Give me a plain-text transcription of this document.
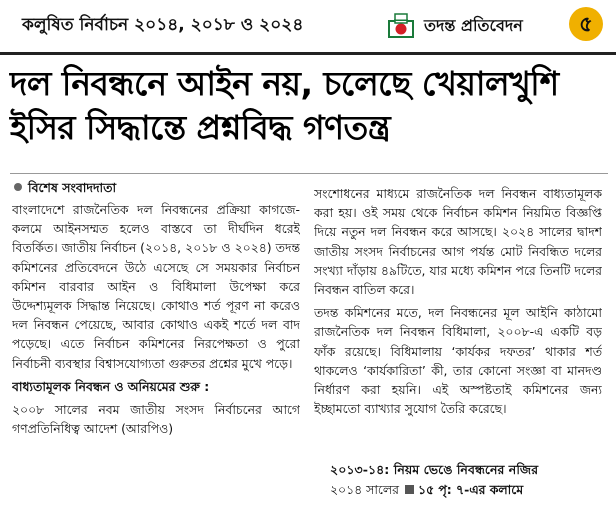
কলুষিত নির্বাচন ২০১৪, ২০১৮ ও ২০২৪	তদন্ত প্রতিবেদন	৫
দল নিবন্ধনে আইন নয়, চলেছে খেয়ালখুশি
ইসির সিদ্ধান্তে প্রশ্নবিদ্ধ গণতন্ত্র
বিশেষ সংবাদদাতা

বাংলাদেশে রাজনৈতিক দল নিবন্ধনের প্রক্রিয়া কাগজে-কলমে আইনসম্মত হলেও বাস্তবে তা দীর্ঘদিন ধরেই বিতর্কিত। জাতীয় নির্বাচন (২০১৪, ২০১৮ ও ২০২৪) তদন্ত কমিশনের প্রতিবেদনে উঠে এসেছে সে সময়কার নির্বাচন কমিশন বারবার আইন ও বিধিমালা উপেক্ষা করে উদ্দেশ্যমূলক সিদ্ধান্ত নিয়েছে। কোথাও শর্ত পূরণ না করেও দল নিবন্ধন পেয়েছে, আবার কোথাও একই শর্তে দল বাদ পড়েছে। এতে নির্বাচন কমিশনের নিরপেক্ষতা ও পুরো নির্বাচনী ব্যবস্থার বিশ্বাসযোগ্যতা গুরুতর প্রশ্নের মুখে পড়ে।

বাধ্যতামূলক নিবন্ধন ও অনিয়মের শুরু :

২০০৮ সালের নবম জাতীয় সংসদ নির্বাচনের আগে গণপ্রতিনিধিত্ব আদেশ (আরপিও)

সংশোধনের মাধ্যমে রাজনৈতিক দল নিবন্ধন বাধ্যতামূলক করা হয়। ওই সময় থেকে নির্বাচন কমিশন নিয়মিত বিজ্ঞপ্তি দিয়ে নতুন দল নিবন্ধন করে আসছে। ২০২৪ সালের দ্বাদশ জাতীয় সংসদ নির্বাচনের আগ পর্যন্ত মোট নিবন্ধিত দলের সংখ্যা দাঁড়ায় ৪৯টিতে, যার মধ্যে কমিশন পরে তিনটি দলের নিবন্ধন বাতিল করে।

তদন্ত কমিশনের মতে, দল নিবন্ধনের মূল আইনি কাঠামো রাজনৈতিক দল নিবন্ধন বিধিমালা, ২০০৮-এ একটি বড় ফাঁক রয়েছে। বিধিমালায় ‘কার্যকর দফতর’ থাকার শর্ত থাকলেও ‘কার্যকারিতা’ কী, তার কোনো সংজ্ঞা বা মানদণ্ড নির্ধারণ করা হয়নি। এই অস্পষ্টতাই কমিশনের জন্য ইচ্ছামতো ব্যাখ্যার সুযোগ তৈরি করেছে।

২০১৩-১৪: নিয়ম ভেঙে নিবন্ধনের নজির
২০১৪ সালের ১৫ পৃ: ৭-এর কলামে
